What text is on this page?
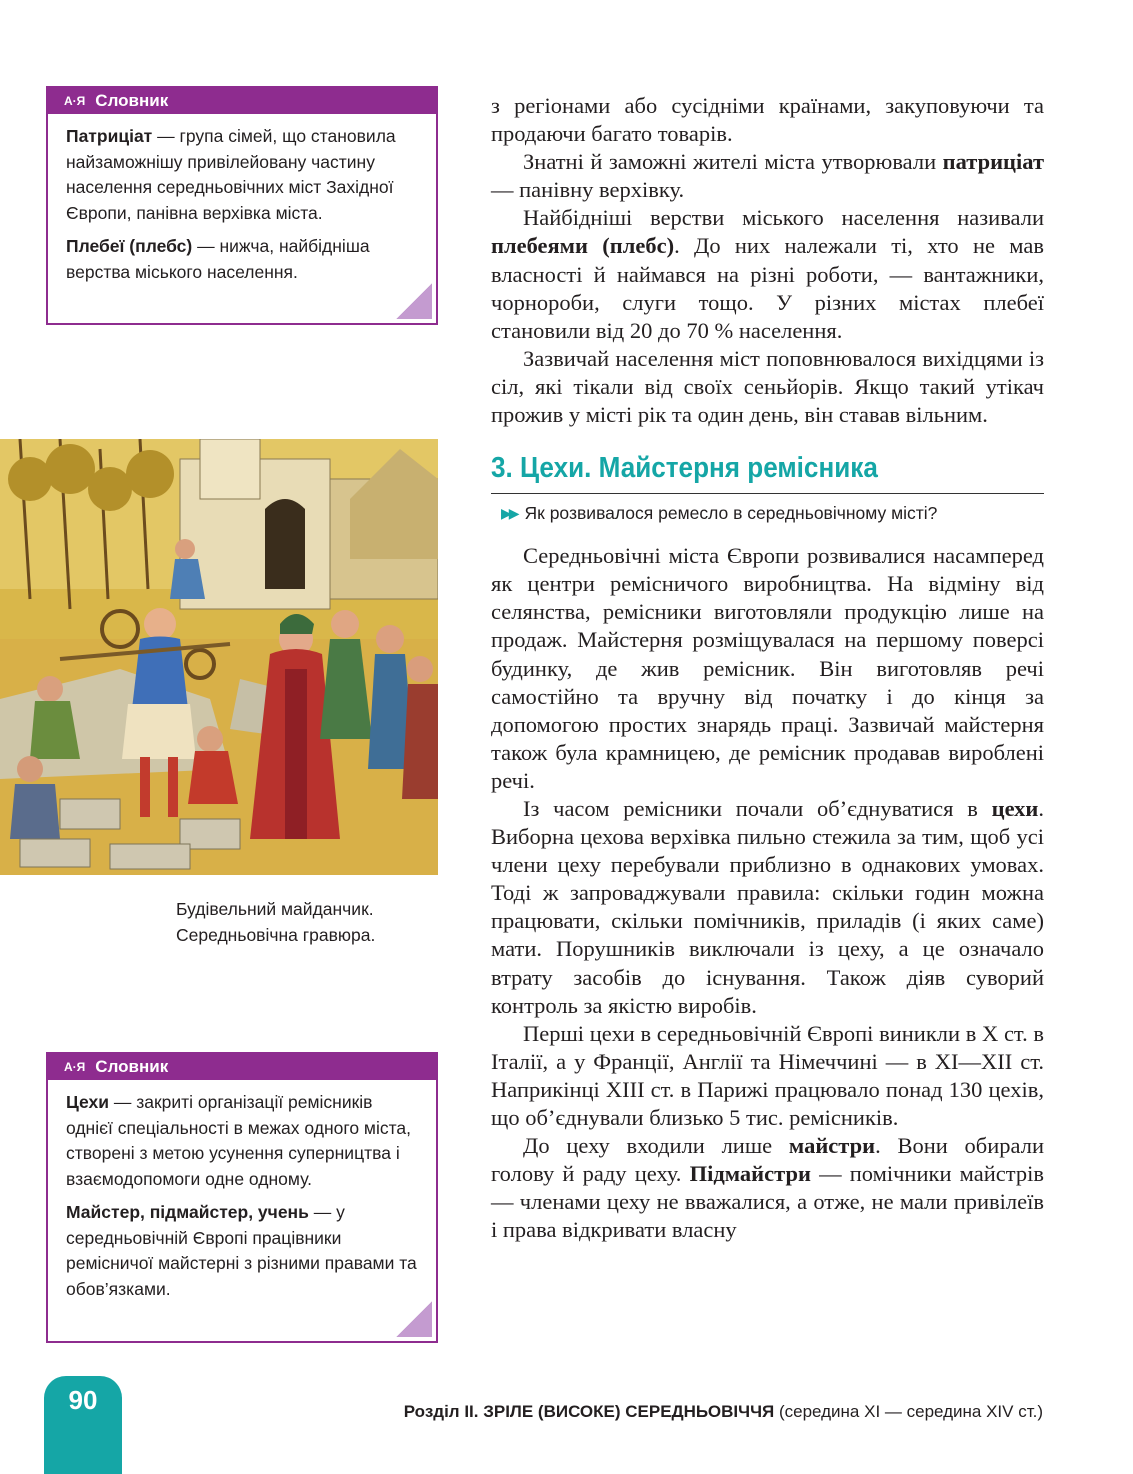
А·Я Словник

Патриціат — група сімей, що становила найзаможнішу привілейовану частину населення середньовічних міст Західної Європи, панівна верхівка міста.

Плебеї (плебс) — нижча, найбідніша верства міського населення.

Будівельний майданчик.
Середньовічна гравюра.
А·Я Словник

Цехи — закриті організації ремісників однієї спеціальності в межах одного міста, створені з метою усунення суперництва і взаємодопомоги одне одному.

Майстер, підмайстер, учень — у середньовічній Європі працівники ремісничої майстерні з різними правами та обов’язками.

з регіонами або сусідніми країнами, закуповуючи та продаючи багато товарів.

Знатні й заможні жителі міста утворювали патриціат — панівну верхівку.

Найбідніші верстви міського населення називали плебеями (плебс). До них належали ті, хто не мав власності й наймався на різні роботи, — вантажники, чорнороби, слуги тощо. У різних містах плебеї становили від 20 до 70 % населення.

Зазвичай населення міст поповнювалося вихідцями із сіл, які тікали від своїх сеньйорів. Якщо такий утікач прожив у місті рік та один день, він ставав вільним.

3. Цехи. Майстерня ремісника
▶▶ Як розвивалося ремесло в середньовічному місті?

Середньовічні міста Європи розвивалися насамперед як центри ремісничого виробництва. На відміну від селянства, ремісники виготовляли продукцію лише на продаж. Майстерня розміщувалася на першому поверсі будинку, де жив ремісник. Він виготовляв речі самостійно та вручну від початку і до кінця за допомогою простих знарядь праці. Зазвичай майстерня також була крамницею, де ремісник продавав вироблені речі.

Із часом ремісники почали об’єднуватися в цехи. Виборна цехова верхівка пильно стежила за тим, щоб усі члени цеху перебували приблизно в однакових умовах. Тоді ж запроваджували правила: скільки годин можна працювати, скільки помічників, приладів (і яких саме) мати. Порушників виключали із цеху, а це означало втрату засобів до існування. Також діяв суворий контроль за якістю виробів.

Перші цехи в середньовічній Європі виникли в X ст. в Італії, а у Франції, Англії та Німеччині — в XI—XII ст. Наприкінці XIII ст. в Парижі працювало понад 130 цехів, що об’єднували близько 5 тис. ремісників.

До цеху входили лише майстри. Вони обирали голову й раду цеху. Підмайстри — помічники майстрів — членами цеху не вважалися, а отже, не мали привілеїв і права відкривати власну

90	Розділ ІІ. ЗРІЛЕ (ВИСОКЕ) СЕРЕДНЬОВІЧЧЯ (середина XI — середина XIV ст.)
